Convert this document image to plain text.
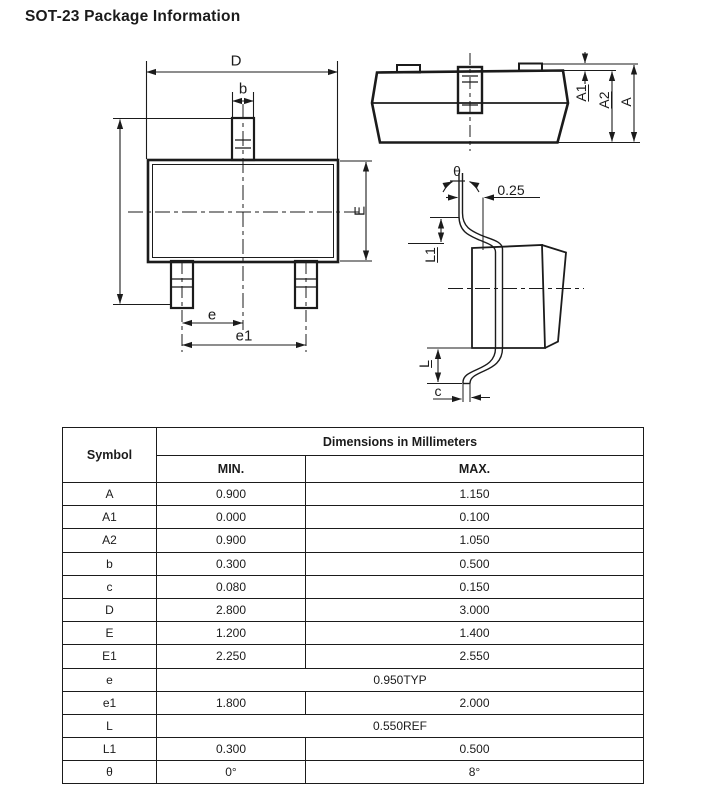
SOT-23 Package Information
D
b
E
e
e1
A1 A2 A
θ
0.25
L1
L
c
Symbol	Dimensions in Millimeters	
	MIN.	MAX.
A	0.900	1.150
A1	0.000	0.100
A2	0.900	1.050
b	0.300	0.500
c	0.080	0.150
D	2.800	3.000
E	1.200	1.400
E1	2.250	2.550
e	0.950TYP	
e1	1.800	2.000
L	0.550REF	
L1	0.300	0.500
θ	0°	8°
